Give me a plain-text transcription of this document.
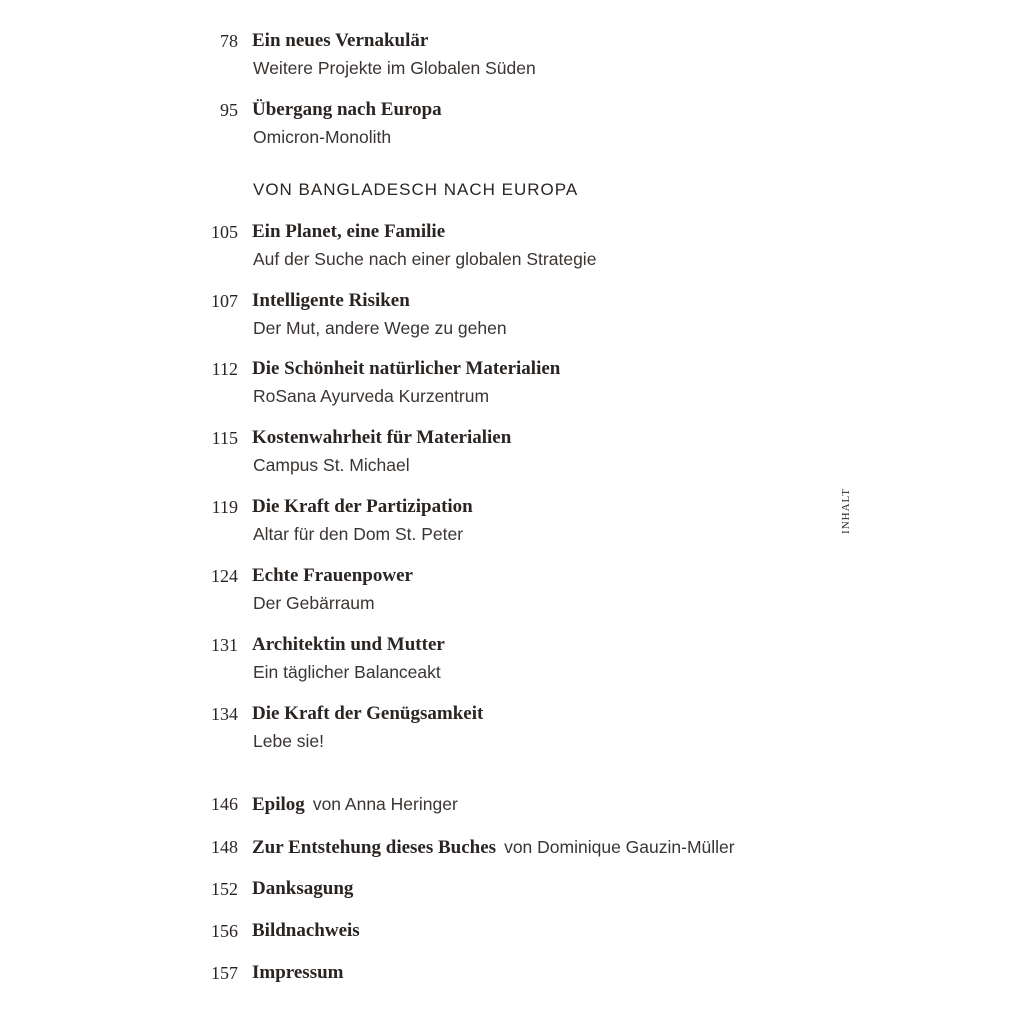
78 Ein neues Vernakulär
Weitere Projekte im Globalen Süden
95 Übergang nach Europa
Omicron-Monolith
VON BANGLADESCH NACH EUROPA
105 Ein Planet, eine Familie
Auf der Suche nach einer globalen Strategie
107 Intelligente Risiken
Der Mut, andere Wege zu gehen
112 Die Schönheit natürlicher Materialien
RoSana Ayurveda Kurzentrum
115 Kostenwahrheit für Materialien
Campus St. Michael
119 Die Kraft der Partizipation
Altar für den Dom St. Peter
124 Echte Frauenpower
Der Gebärraum
131 Architektin und Mutter
Ein täglicher Balanceakt
134 Die Kraft der Genügsamkeit
Lebe sie!
146 Epilog von Anna Heringer
148 Zur Entstehung dieses Buches von Dominique Gauzin-Müller
152 Danksagung
156 Bildnachweis
157 Impressum
INHALT
